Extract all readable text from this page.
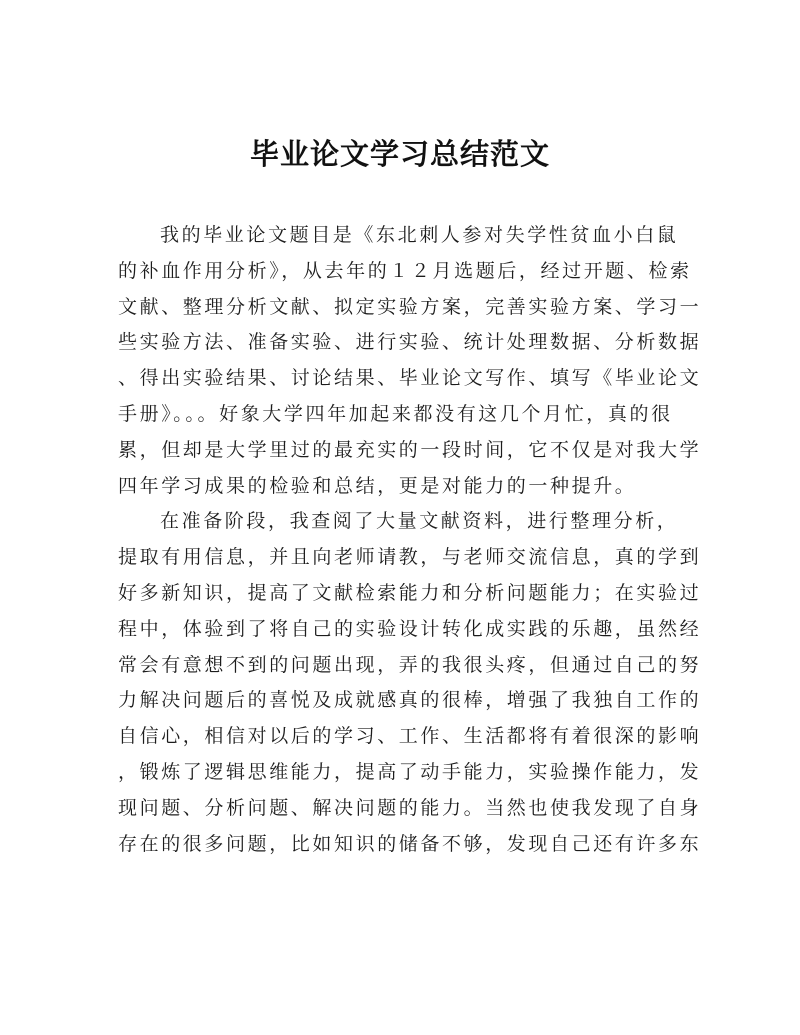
毕业论文学习总结范文
我的毕业论文题目是《东北刺人参对失学性贫血小白鼠
的补血作用分析》，从去年的１２月选题后，经过开题、检索
文献、整理分析文献、拟定实验方案，完善实验方案、学习一
些实验方法、准备实验、进行实验、统计处理数据、分析数据
、得出实验结果、讨论结果、毕业论文写作、填写《毕业论文
手册》。。。好象大学四年加起来都没有这几个月忙，真的很
累，但却是大学里过的最充实的一段时间，它不仅是对我大学
四年学习成果的检验和总结，更是对能力的一种提升。
在准备阶段，我查阅了大量文献资料，进行整理分析，
提取有用信息，并且向老师请教，与老师交流信息，真的学到
好多新知识，提高了文献检索能力和分析问题能力；在实验过
程中，体验到了将自己的实验设计转化成实践的乐趣，虽然经
常会有意想不到的问题出现，弄的我很头疼，但通过自己的努
力解决问题后的喜悦及成就感真的很棒，增强了我独自工作的
自信心，相信对以后的学习、工作、生活都将有着很深的影响
，锻炼了逻辑思维能力，提高了动手能力，实验操作能力，发
现问题、分析问题、解决问题的能力。当然也使我发现了自身
存在的很多问题，比如知识的储备不够，发现自己还有许多东
